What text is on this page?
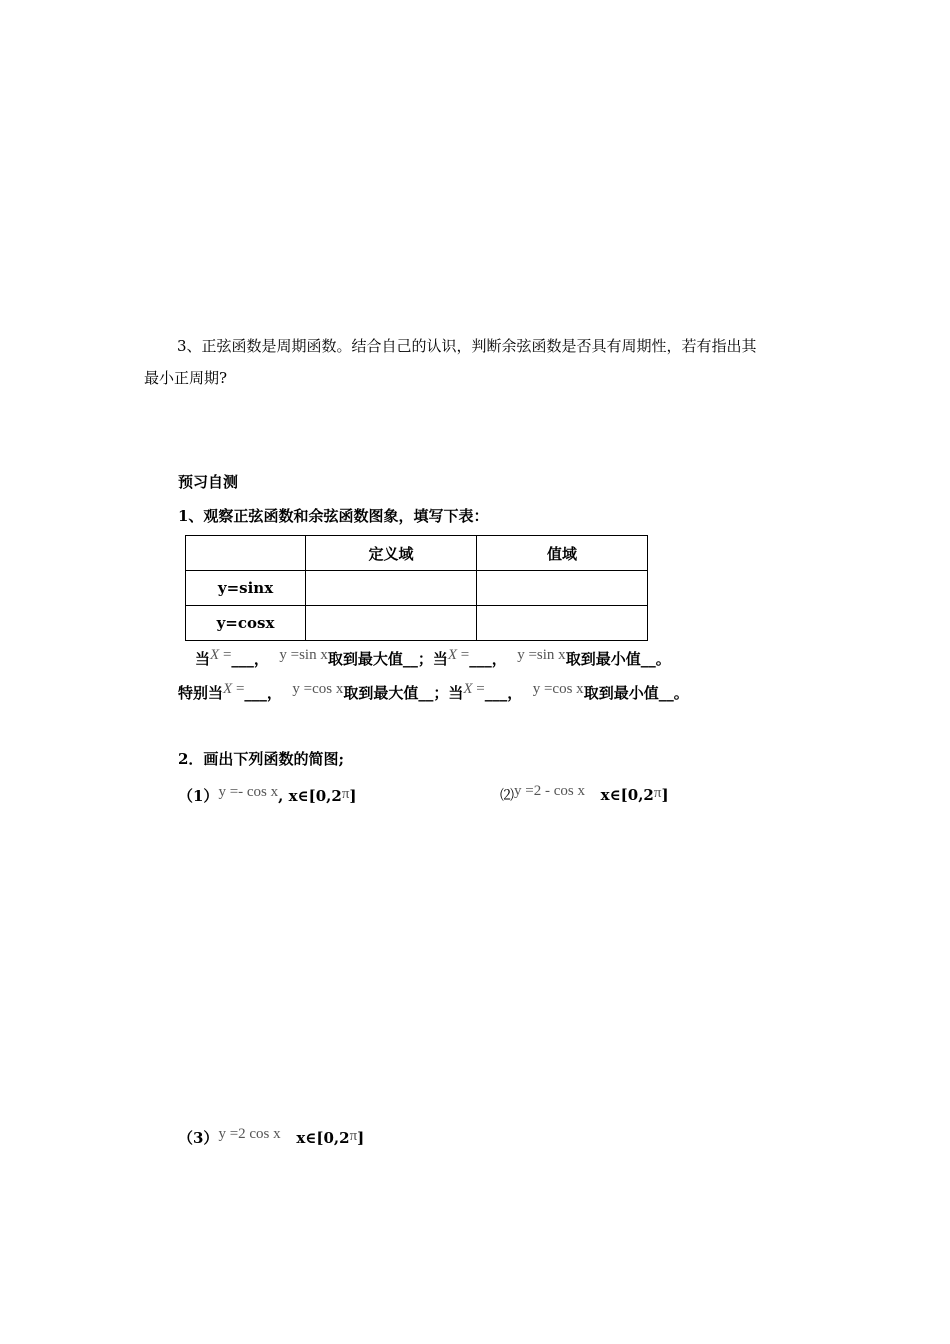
3、正弦函数是周期函数。结合自己的认识，判断余弦函数是否具有周期性，若有指出其
最小正周期?
预习自测
1、观察正弦函数和余弦函数图象，填写下表：
	定义域	值域
y=sinx		
y=cosx		
当X =___， y =sin x取到最大值__；当X =___， y =sin x取到最小值__。
特别当X =___， y =cos x取到最大值__；当X =___， y =cos x取到最小值__。
2．画出下列函数的简图;
（1）y =- cos x, x∈[0,2π]	⑵y =2 - cos x x∈[0,2π]
（3）y =2 cos x x∈[0,2π]
